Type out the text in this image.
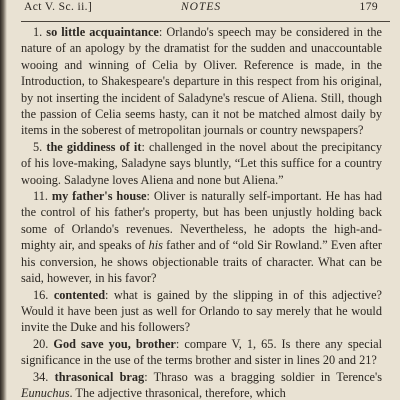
Act V. Sc. ii.]	NOTES	179

1. so little acquaintance: Orlando's speech may be considered in the nature of an apology by the dramatist for the sudden and unaccountable wooing and winning of Celia by Oliver. Reference is made, in the Introduction, to Shakespeare's departure in this respect from his original, by not inserting the incident of Saladyne's rescue of Aliena. Still, though the passion of Celia seems hasty, can it not be matched almost daily by items in the soberest of metropolitan journals or country newspapers?

5. the giddiness of it: challenged in the novel about the precipitancy of his love-making, Saladyne says bluntly, “Let this suffice for a country wooing. Saladyne loves Aliena and none but Aliena.”

11. my father's house: Oliver is naturally self-important. He has had the control of his father's property, but has been unjustly holding back some of Orlando's revenues. Nevertheless, he adopts the high-and-mighty air, and speaks of his father and of “old Sir Rowland.” Even after his conversion, he shows objectionable traits of character. What can be said, however, in his favor?

16. contented: what is gained by the slipping in of this adjective? Would it have been just as well for Orlando to say merely that he would invite the Duke and his followers?

20. God save you, brother: compare V, 1, 65. Is there any special significance in the use of the terms brother and sister in lines 20 and 21?

34. thrasonical brag: Thraso was a bragging soldier in Terence's Eunuchus. The adjective thrasonical, therefore, which
